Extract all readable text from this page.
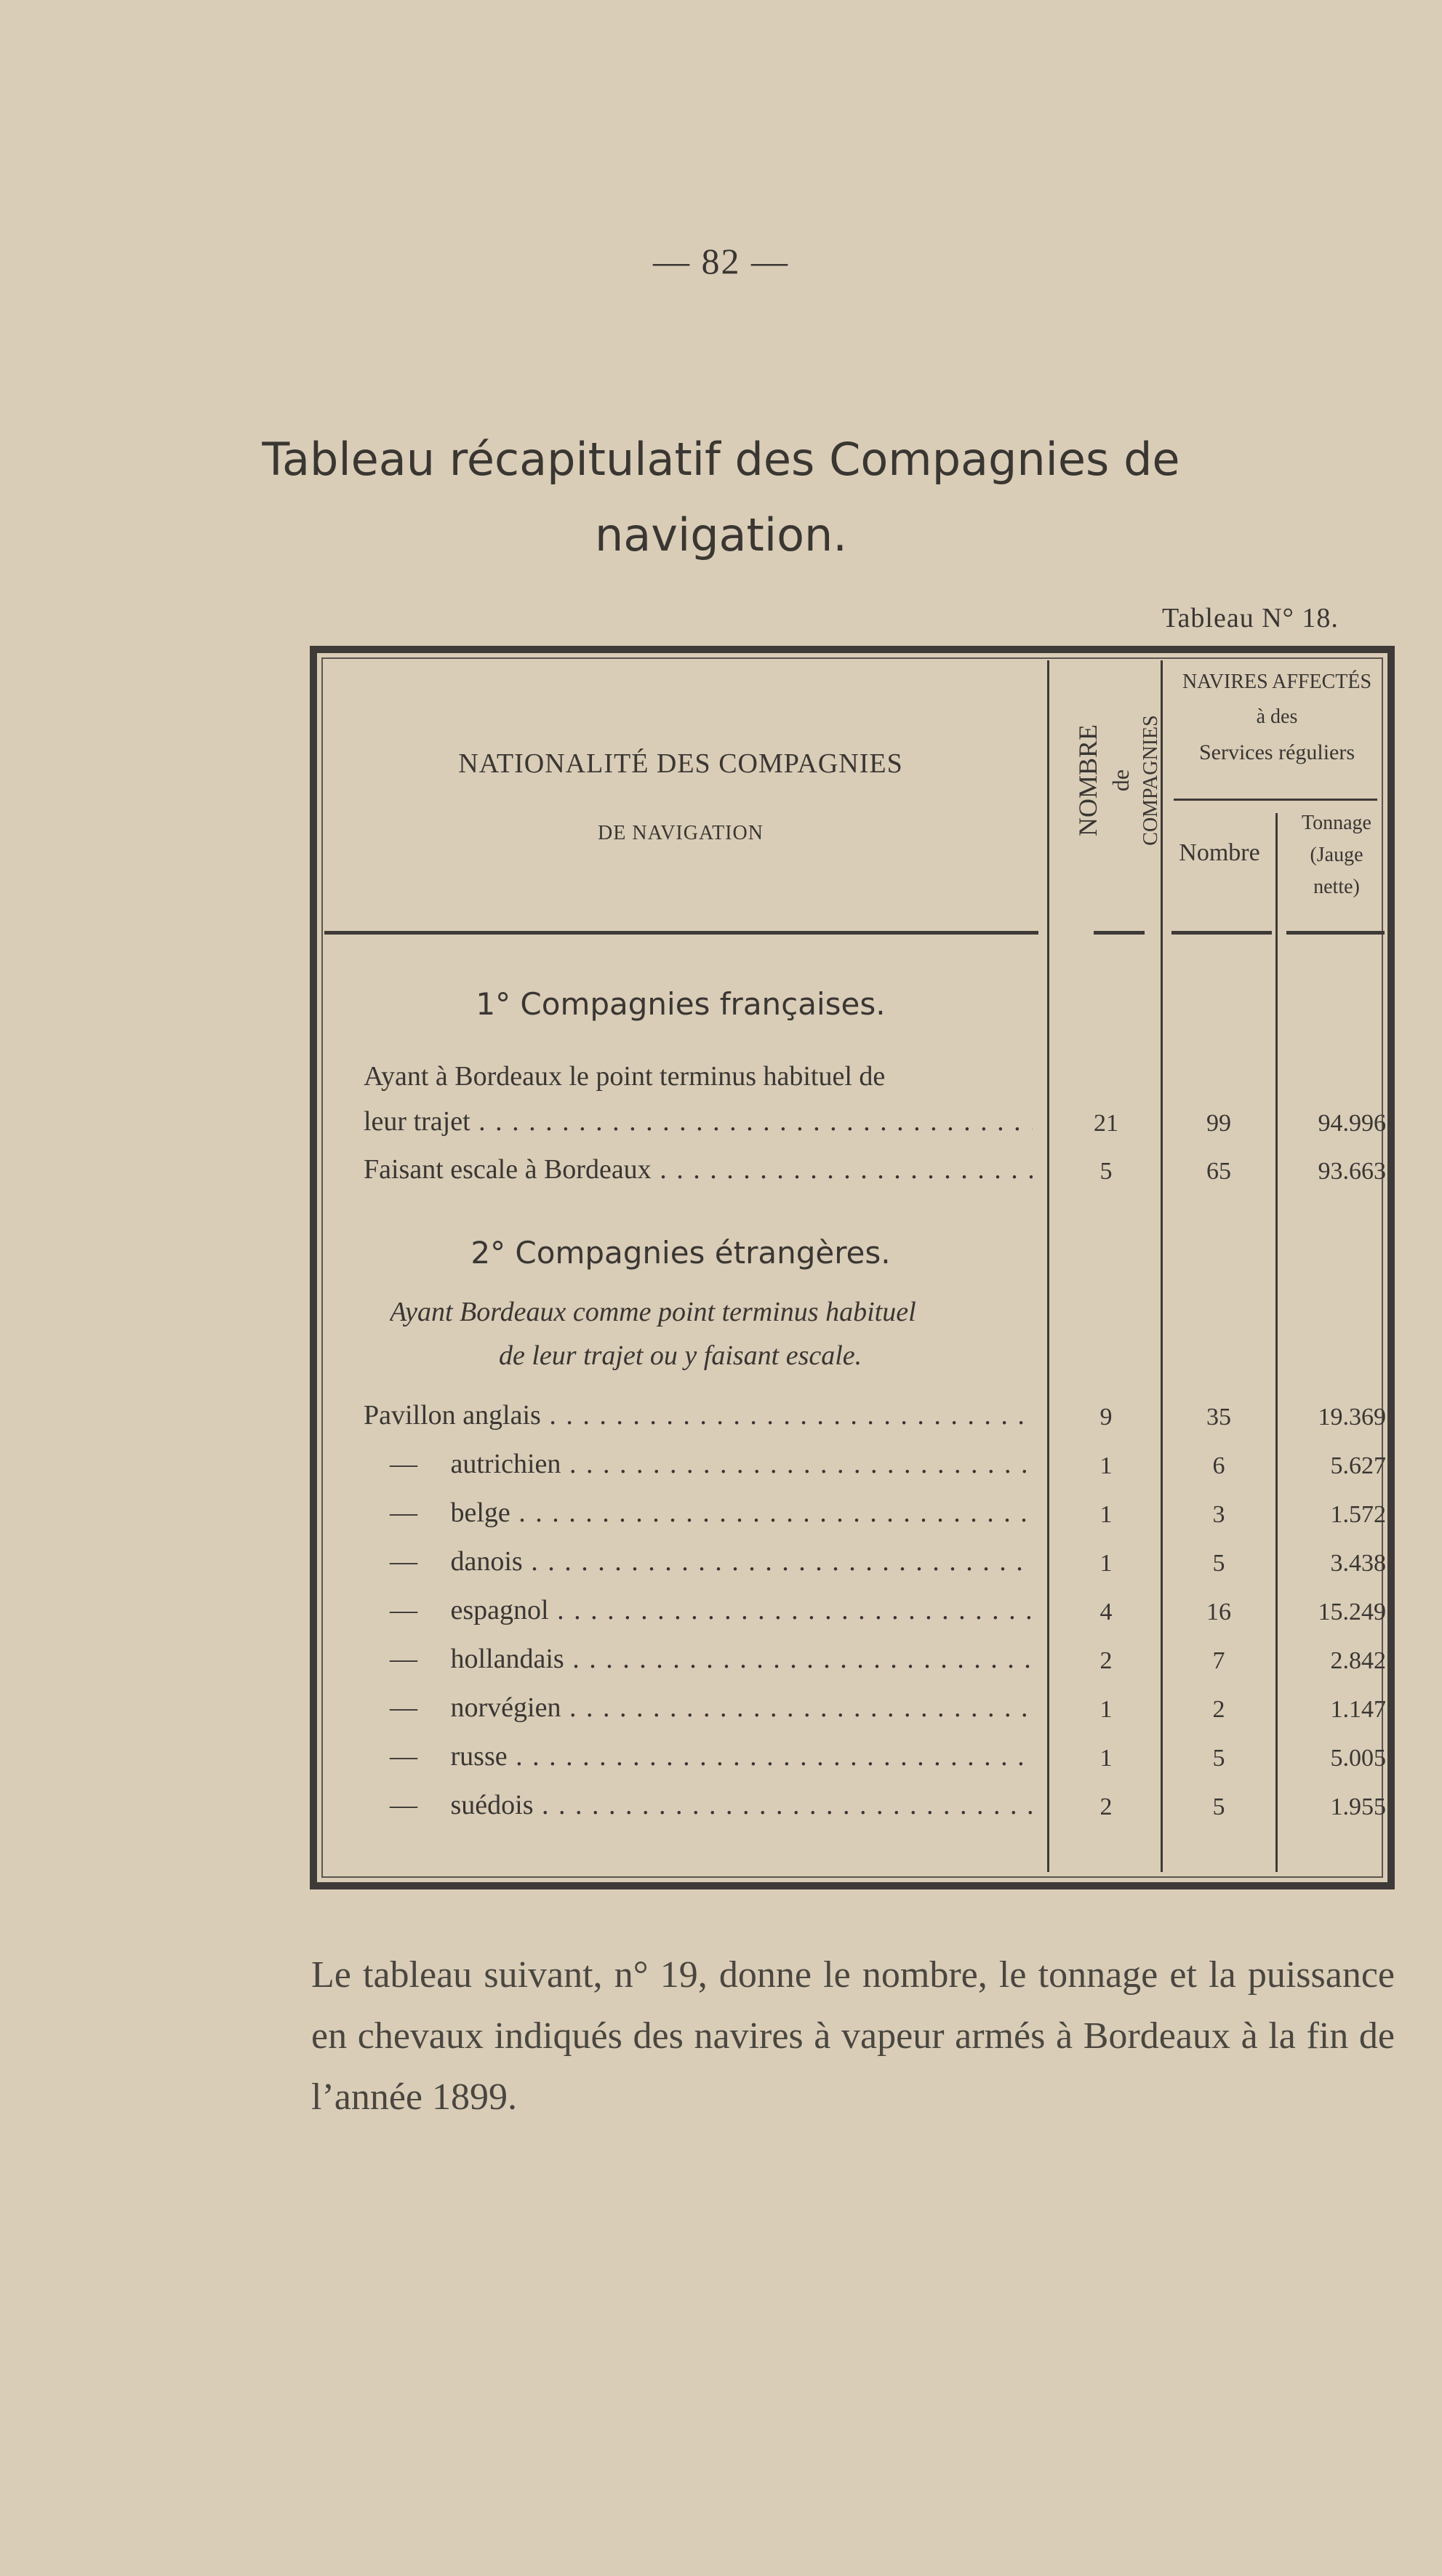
— 82 —
Tableau récapitulatif des Compagnies de
navigation.
Tableau N° 18.
NATIONALITÉ DES COMPAGNIES
DE NAVIGATION	NOMBRE de COMPAGNIES
NAVIRES AFFECTÉS
à des
Services réguliers
Nombre
Tonnage
(Jauge
nette)
1° Compagnies françaises.
Ayant à Bordeaux le point terminus habituel de
leur trajet . . .	21	99	94.996
Faisant escale à Bordeaux . . .	5	65	93.663
2° Compagnies étrangères.
Ayant Bordeaux comme point terminus habituel
de leur trajet ou y faisant escale.
Pavillon anglais . . .	9	35	19.369
— autrichien . . .	1	6	5.627
— belge . . .	1	3	1.572
— danois . . .	1	5	3.438
— espagnol . . .	4	16	15.249
— hollandais . . .	2	7	2.842
— norvégien . . .	1	2	1.147
— russe . . .	1	5	5.005
— suédois . . .	2	5	1.955
Le tableau suivant, n° 19, donne le nombre, le tonnage et la puissance en chevaux indiqués des navires à vapeur armés à Bordeaux à la fin de l’année 1899.
